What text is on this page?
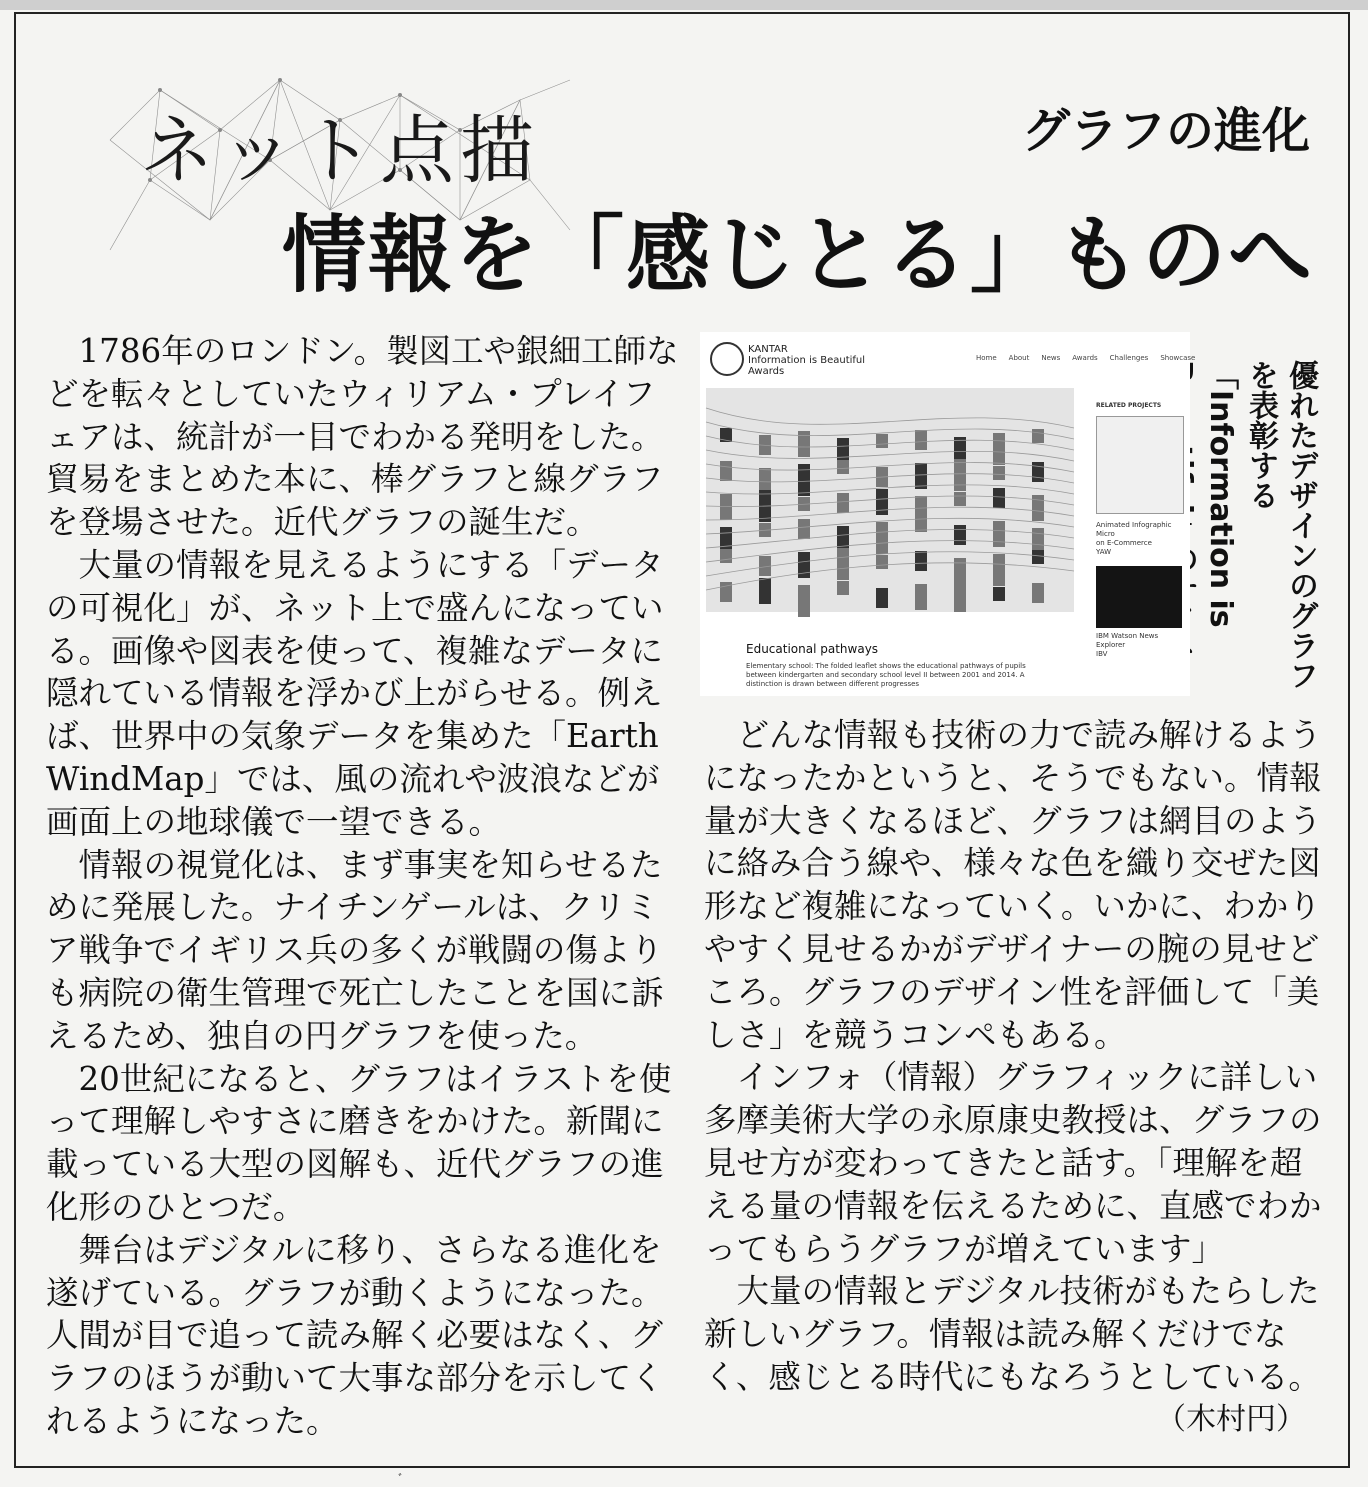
ネット点描	グラフの進化
情報を「感じとる」ものへ

　1786年のロンドン。製図工や銀細工師な

どを転々としていたウィリアム・プレイフ

ェアは、統計が一目でわかる発明をした。

貿易をまとめた本に、棒グラフと線グラフ

を登場させた。近代グラフの誕生だ。

　大量の情報を見えるようにする「データ

の可視化」が、ネット上で盛んになってい

る。画像や図表を使って、複雑なデータに

隠れている情報を浮かび上がらせる。例え

ば、世界中の気象データを集めた「Earth

WindMap」では、風の流れや波浪などが

画面上の地球儀で一望できる。

　情報の視覚化は、まず事実を知らせるた

めに発展した。ナイチンゲールは、クリミ

ア戦争でイギリス兵の多くが戦闘の傷より

も病院の衛生管理で死亡したことを国に訴

えるため、独自の円グラフを使った。

　20世紀になると、グラフはイラストを使

って理解しやすさに磨きをかけた。新聞に

載っている大型の図解も、近代グラフの進

化形のひとつだ。

　舞台はデジタルに移り、さらなる進化を

遂げている。グラフが動くようになった。

人間が目で追って読み解く必要はなく、グ

ラフのほうが動いて大事な部分を示してく

れるようになった。

　どんな情報も技術の力で読み解けるよう

になったかというと、そうでもない。情報

量が大きくなるほど、グラフは網目のよう

に絡み合う線や、様々な色を織り交ぜた図

形など複雑になっていく。いかに、わかり

やすく見せるかがデザイナーの腕の見せど

ころ。グラフのデザイン性を評価して「美

しさ」を競うコンペもある。

　インフォ（情報）グラフィックに詳しい

多摩美術大学の永原康史教授は、グラフの

見せ方が変わってきたと話す。「理解を超

える量の情報を伝えるために、直感でわか

ってもらうグラフが増えています」

　大量の情報とデジタル技術がもたらした

新しいグラフ。情報は読み解くだけでな

く、感じとる時代にもなろうとしている。

（木村円）
優れたデザインのグラフを表彰する「Information is
KANTAR
Information is Beautiful
Awards
Home About News Awards Challenges Showcase
RELATED PROJECTS
Animated Infographic Micro
on E-Commerce
YAW
IBM Watson News Explorer
IBV
Educational pathways
Elementary school: The folded leaflet shows the educational pathways of pupils between kindergarten and secondary school level II between 2001 and 2014. A distinction is drawn between different progresses
ﾞ
